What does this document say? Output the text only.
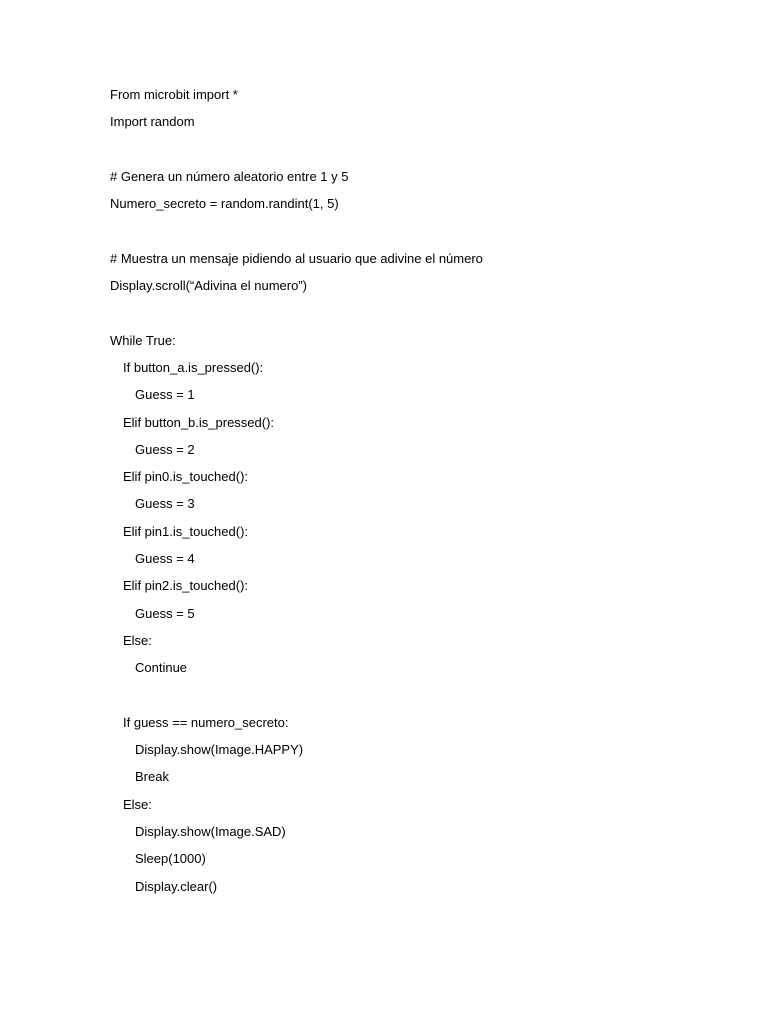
From microbit import *
Import random
# Genera un número aleatorio entre 1 y 5
Numero_secreto = random.randint(1, 5)
# Muestra un mensaje pidiendo al usuario que adivine el número
Display.scroll(“Adivina el numero”)
While True:
If button_a.is_pressed():
Guess = 1
Elif button_b.is_pressed():
Guess = 2
Elif pin0.is_touched():
Guess = 3
Elif pin1.is_touched():
Guess = 4
Elif pin2.is_touched():
Guess = 5
Else:
Continue
If guess == numero_secreto:
Display.show(Image.HAPPY)
Break
Else:
Display.show(Image.SAD)
Sleep(1000)
Display.clear()
